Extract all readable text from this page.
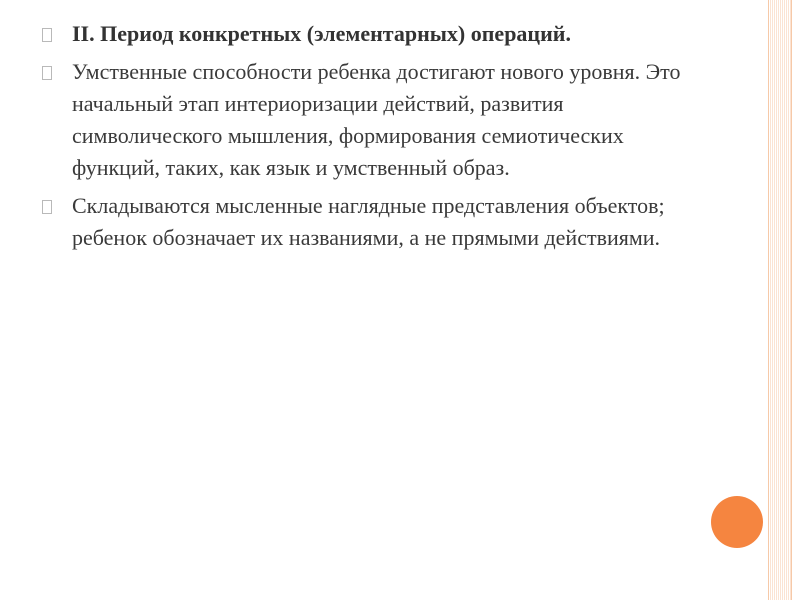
II. Период конкретных (элементарных) операций.
Умственные способности ребенка достигают нового уровня. Это начальный этап интериоризации действий, развития символического мышления, формирования семиотических функций, таких, как язык и умственный образ.
Складываются мысленные наглядные представления объектов; ребенок обозначает их названиями, а не прямыми действиями.
